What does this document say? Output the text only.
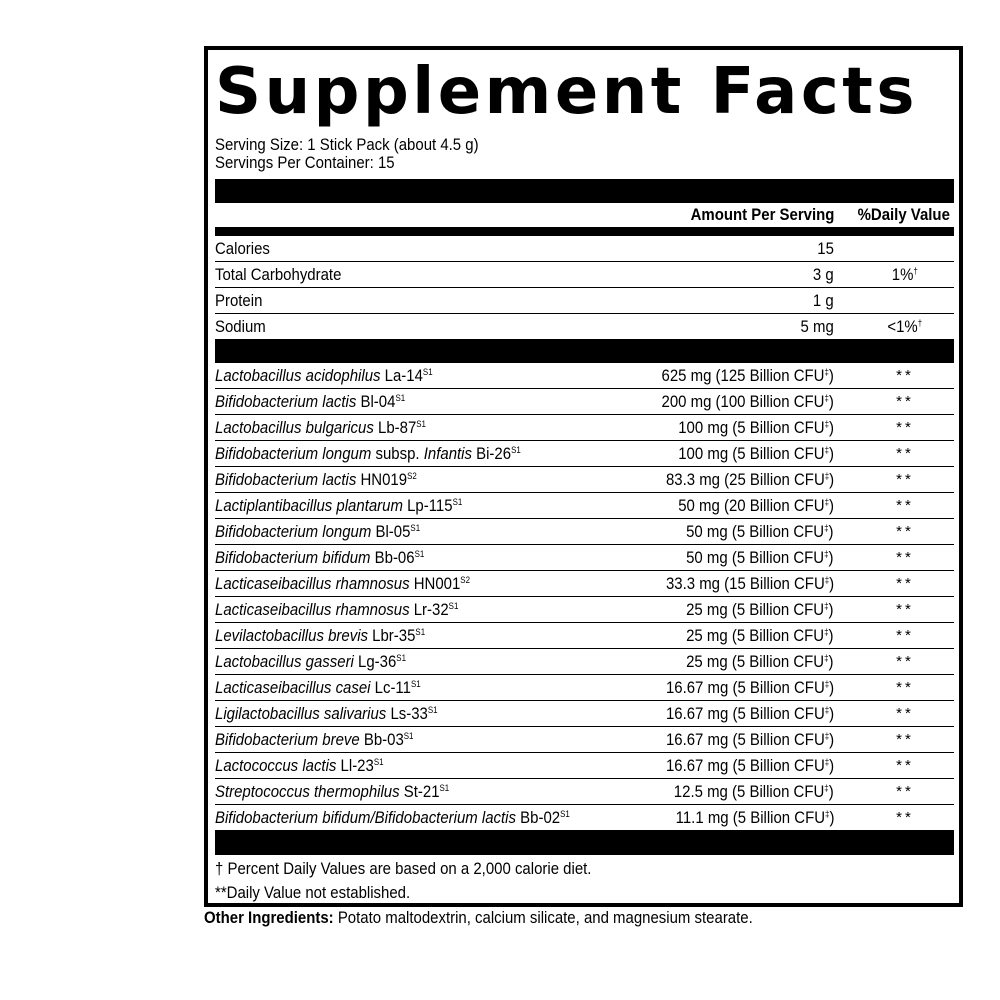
Supplement Facts
Serving Size: 1 Stick Pack (about 4.5 g)
Servings Per Container: 15
Amount Per Serving	%Daily Value
Calories	15
Total Carbohydrate	3 g	1%†
Protein	1 g
Sodium	5 mg	<1%†
Lactobacillus acidophilus $La-14^{S1}$	625 mg (125 Billion CFU‡)	**
Bifidobacterium lactis $Bl-04^{S1}$	200 mg (100 Billion CFU‡)	**
Lactobacillus bulgaricus $Lb-87^{S1}$	100 mg (5 Billion CFU‡)	**
Bifidobacterium longum subsp. Infantis $Bi-26^{S1}$	100 mg (5 Billion CFU‡)	**
Bifidobacterium lactis $HN019^{S2}$	83.3 mg (25 Billion CFU‡)	**
Lactiplantibacillus plantarum $Lp-115^{S1}$	50 mg (20 Billion CFU‡)	**
Bifidobacterium longum $Bl-05^{S1}$	50 mg (5 Billion CFU‡)	**
Bifidobacterium bifidum $Bb-06^{S1}$	50 mg (5 Billion CFU‡)	**
Lacticaseibacillus rhamnosus $HN001^{S2}$	33.3 mg (15 Billion CFU‡)	**
Lacticaseibacillus rhamnosus $Lr-32^{S1}$	25 mg (5 Billion CFU‡)	**
Levilactobacillus brevis Lbr-$35^{S1}$	25 mg (5 Billion CFU‡)	**
Lactobacillus gasseri $Lg-36^{S1}$	25 mg (5 Billion CFU‡)	**
Lacticaseibacillus casei $Lc-11^{S1}$	16.67 mg (5 Billion CFU‡)	**
Ligilactobacillus salivarius $Ls-33^{S1}$	16.67 mg (5 Billion CFU‡)	**
Bifidobacterium breve $Bb-03^{S1}$	16.67 mg (5 Billion CFU‡)	**
Lactococcus lactis $Ll-23^{S1}$	16.67 mg (5 Billion CFU‡)	**
Streptococcus thermophilus $St-21^{S1}$	12.5 mg (5 Billion CFU‡)	**
Bifidobacterium bifidum/Bifidobacterium lactis $Bb-02^{S1}$	11.1 mg (5 Billion CFU‡)	**
† Percent Daily Values are based on a 2,000 calorie diet.
**Daily Value not established.
Other Ingredients: Potato maltodextrin, calcium silicate, and magnesium stearate.
